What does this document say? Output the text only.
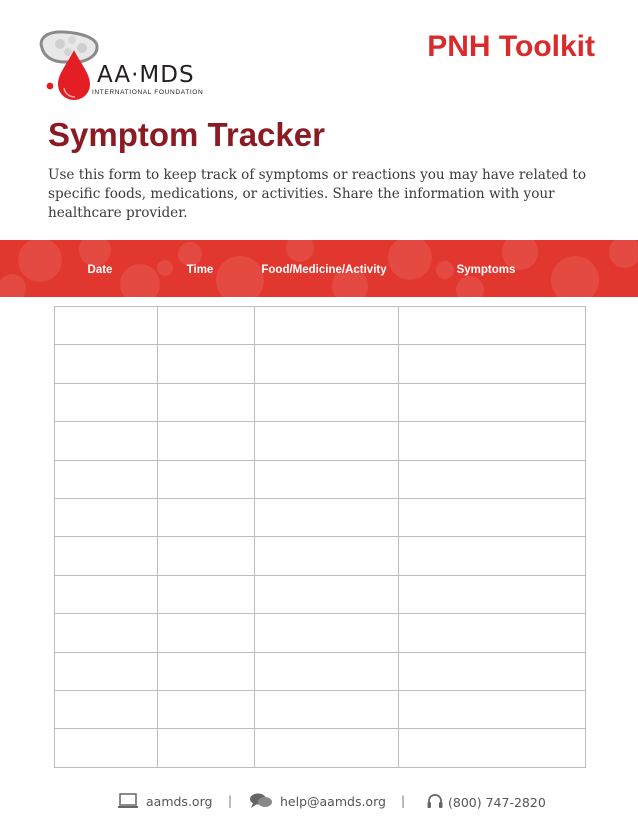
AA·MDS
INTERNATIONAL FOUNDATION
PNH Toolkit
Symptom Tracker
Use this form to keep track of symptoms or reactions you may have related to specific foods, medications, or activities. Share the information with your healthcare provider.
Date	Time	Food/Medicine/Activity	Symptoms

aamds.org |	help@aamds.org |	(800) 747-2820
